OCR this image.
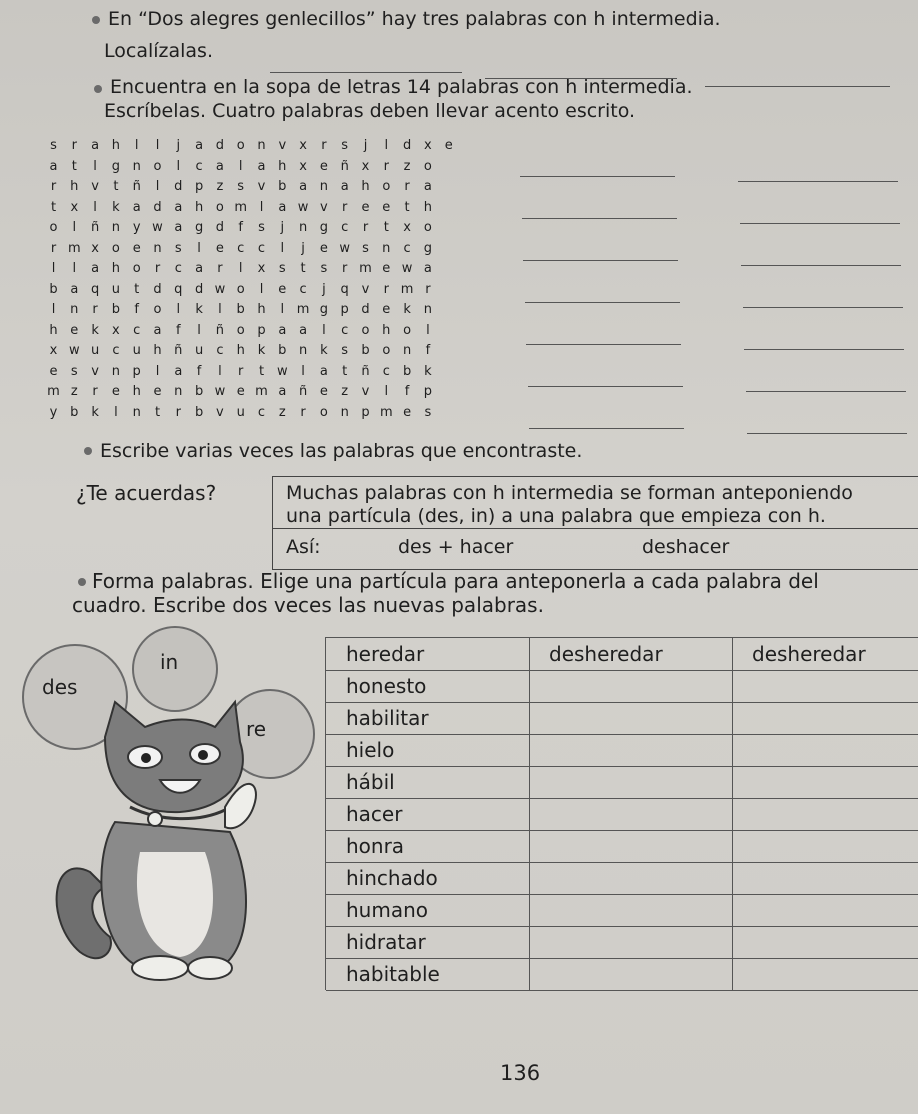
En “Dos alegres genlecillos” hay tres palabras con h intermedia.
Localízalas.
Encuentra en la sopa de letras 14 palabras con h intermedia.
Escríbelas. Cuatro palabras deben llevar acento escrito.
s	r	a h	l	l	j	a d o n v	x	r	s	j	l	d x e
a	t	l	g n o	l	c	a	l	a h x e ñ x	r	z	o
r	h v	t	ñ	l	d p	z	s	v b a n a h o	r	a
t	x	l	k	a d a h o m l	a w v	r	e e	t	h
o	l	ñ n y w a g d	f	s	j	n g	c	r	t	x o
r m x o e n	s	l	e	c	c	l	j	e w s	n	c	g
l	l	a h o	r	c	a	r	l	x	s	t	s	r m e w a
b a q u	t	d q d w o	l	e	c	j	q v	r m r
l	n	r	b	f	o	l	k	l	b h	l m g p d e	k n
h e	k	x	c	a	f	l	ñ o p a a	l	c	o h o	l
x w u	c	u h ñ u	c	h k b n k	s	b o n	f
e	s	v n p	l	a	f	l	r	t w	l	a	t	ñ	c	b k
m z	r	e h e n b w e m a ñ e	z	v	l	f	p
y b k	l	n	t	r	b v u	c	z	r	o n p m e	s
Escribe varias veces las palabras que encontraste.
¿Te acuerdas?	Muchas palabras con h intermedia se forman anteponiendo
una partícula (des, in) a una palabra que empieza con h.
Así:	des + hacer	deshacer
Forma palabras. Elige una partícula para anteponerla a cada palabra del
cuadro. Escribe dos veces las nuevas palabras.
in
des
re
heredar	desheredar	desheredar
honesto
habilitar
hielo
hábil
hacer
honra
hinchado
humano
hidratar
habitable
136
